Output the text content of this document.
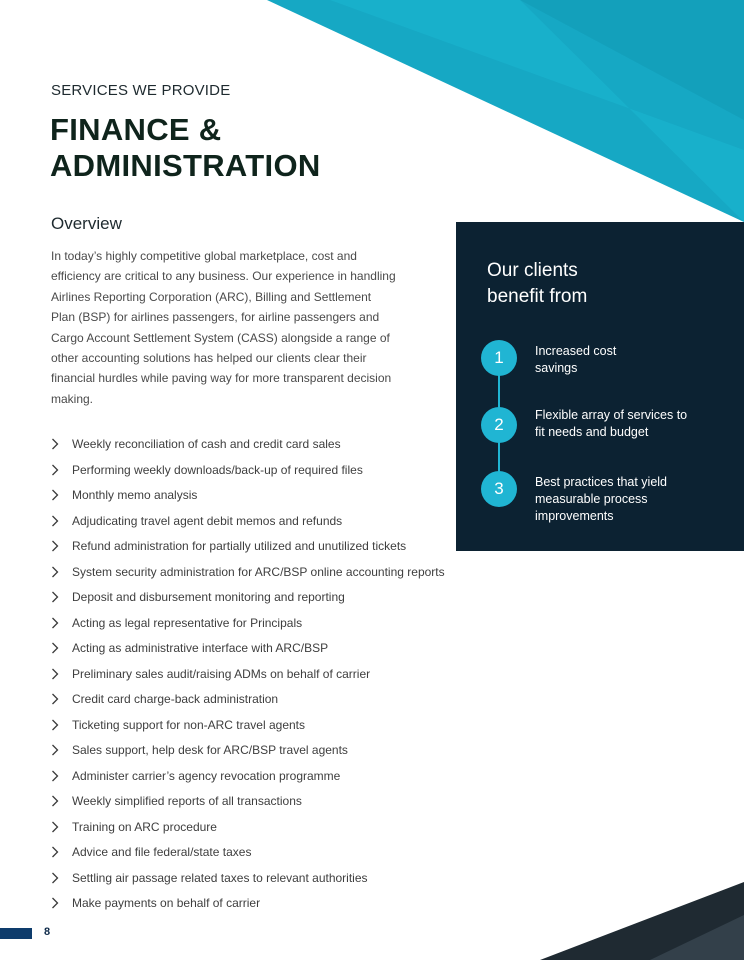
SERVICES WE PROVIDE
FINANCE &
ADMINISTRATION
Overview

In today’s highly competitive global marketplace, cost and efficiency are critical to any business. Our experience in handling Airlines Reporting Corporation (ARC), Billing and Settlement Plan (BSP) for airlines passengers, for airline passengers and Cargo Account Settlement System (CASS) alongside a range of other accounting solutions has helped our clients clear their financial hurdles while paving way for more transparent decision making.

Weekly reconciliation of cash and credit card sales
Performing weekly downloads/back-up of required files
Monthly memo analysis
Adjudicating travel agent debit memos and refunds
Refund administration for partially utilized and unutilized tickets
System security administration for ARC/BSP online accounting reports
Deposit and disbursement monitoring and reporting
Acting as legal representative for Principals
Acting as administrative interface with ARC/BSP
Preliminary sales audit/raising ADMs on behalf of carrier
Credit card charge-back administration
Ticketing support for non-ARC travel agents
Sales support, help desk for ARC/BSP travel agents
Administer carrier’s agency revocation programme
Weekly simplified reports of all transactions
Training on ARC procedure
Advice and file federal/state taxes
Settling air passage related taxes to relevant authorities
Make payments on behalf of carrier
Our clients
benefit from
1	Increased cost
savings
2	Flexible array of services to
fit needs and budget
3	Best practices that yield
measurable process
improvements
8
